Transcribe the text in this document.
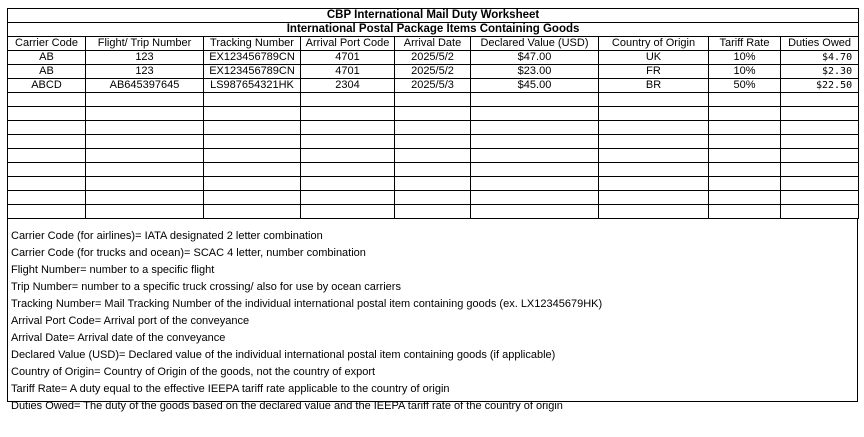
CBP International Mail Duty Worksheet								
International Postal Package Items Containing Goods								
Carrier Code	Flight/ Trip Number	Tracking Number	Arrival Port Code	Arrival Date	Declared Value (USD)	Country of Origin	Tariff Rate	Duties Owed
AB	123	EX123456789CN	4701	2025/5/2	$47.00	UK	10%	$4.70
AB	123	EX123456789CN	4701	2025/5/2	$23.00	FR	10%	$2.30
ABCD	AB645397645	LS987654321HK	2304	2025/5/3	$45.00	BR	50%	$22.50

Carrier Code (for airlines)= IATA designated 2 letter combination
Carrier Code (for trucks and ocean)= SCAC 4 letter, number combination
Flight Number= number to a specific flight
Trip Number= number to a specific truck crossing/ also for use by ocean carriers
Tracking Number= Mail Tracking Number of the individual international postal item containing goods (ex. LX12345679HK)
Arrival Port Code= Arrival port of the conveyance
Arrival Date= Arrival date of the conveyance
Declared Value (USD)= Declared value of the individual international postal item containing goods (if applicable)
Country of Origin= Country of Origin of the goods, not the country of export
Tariff Rate= A duty equal to the effective IEEPA tariff rate applicable to the country of origin
Duties Owed= The duty of the goods based on the declared value and the IEEPA tariff rate of the country of origin
